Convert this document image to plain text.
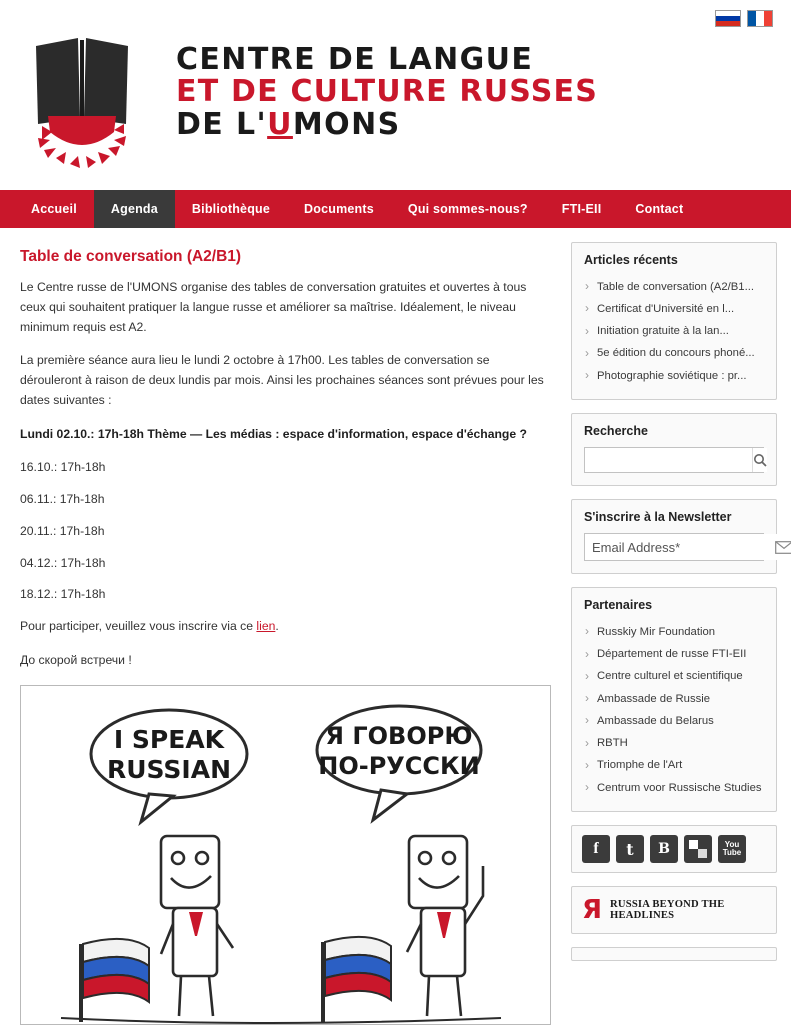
CENTRE DE LANGUE
ET DE CULTURE RUSSES
DE L'UMONS
Accueil	Agenda	Bibliothèque	Documents	Qui sommes-nous?	FTI-EII	Contact
Table de conversation (A2/B1)

Le Centre russe de l'UMONS organise des tables de conversation gratuites et ouvertes à tous ceux qui souhaitent pratiquer la langue russe et améliorer sa maîtrise. Idéalement, le niveau minimum requis est A2.

La première séance aura lieu le lundi 2 octobre à 17h00. Les tables de conversation se dérouleront à raison de deux lundis par mois. Ainsi les prochaines séances sont prévues pour les dates suivantes :

Lundi 02.10.: 17h-18h Thème — Les médias : espace d'information, espace d'échange ?

16.10.: 17h-18h

06.11.: 17h-18h

20.11.: 17h-18h

04.12.: 17h-18h

18.12.: 17h-18h

Pour participer, veuillez vous inscrire via ce lien.

До скорой встречи !

I SPEAK
RUSSIAN
Я ГОВОРЮ
ПО-РУССКИ
Articles récents
› Table de conversation (A2/B1...
› Certificat d'Université en l...
› Initiation gratuite à la lan...
› 5e édition du concours phoné...
› Photographie soviétique : pr...
Recherche
S'inscrire à la Newsletter
Email Address*
Partenaires
› Russkiy Mir Foundation
› Département de russe FTI-EII
› Centre culturel et scientifique
› Ambassade de Russie
› Ambassade du Belarus
› RBTH
› Triomphe de l'Art
› Centrum voor Russische Studies
f	t	B	You
Tube
Я RUSSIA BEYOND THE HEADLINES
